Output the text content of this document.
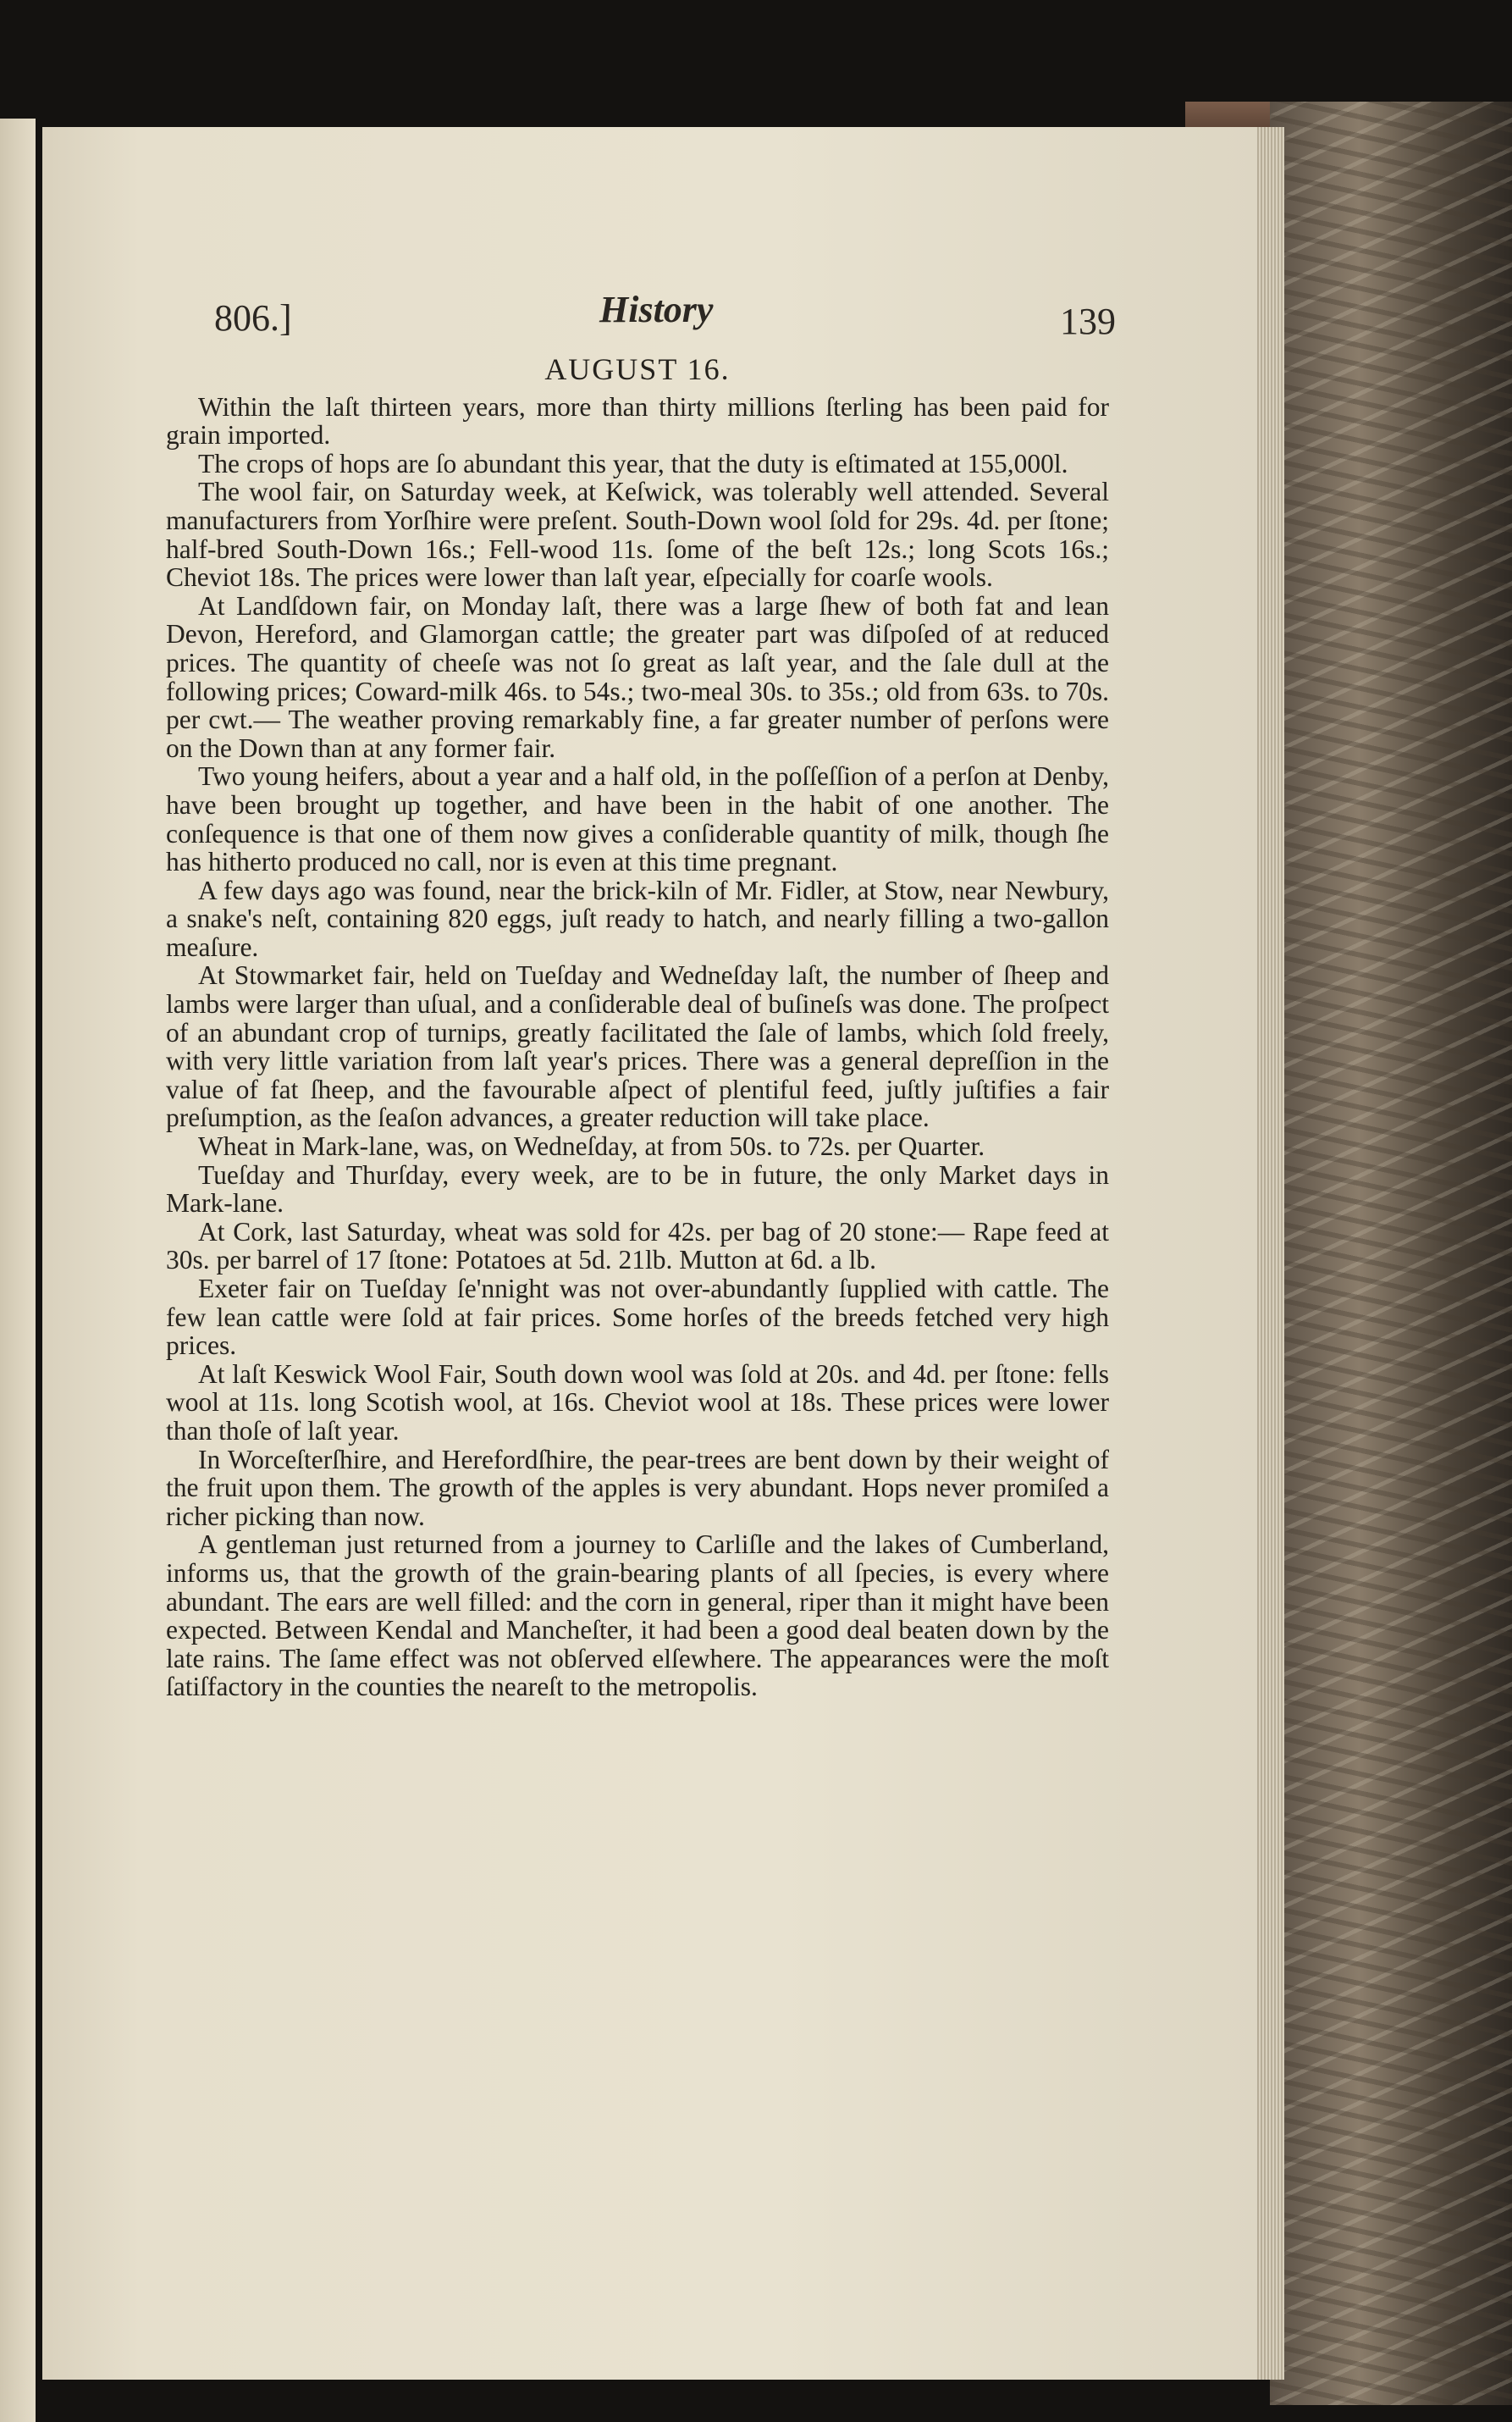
806.]	History	139
AUGUST 16.

Within the laſt thirteen years, more than thirty millions ſterling has been paid for grain imported.

The crops of hops are ſo abundant this year, that the duty is eſtimated at 155,000l.

The wool fair, on Saturday week, at Keſwick, was tolerably well attended. Several manufacturers from Yorſhire were preſent. South-Down wool ſold for 29s. 4d. per ſtone; half-bred South-Down 16s.; Fell-wood 11s. ſome of the beſt 12s.; long Scots 16s.; Cheviot 18s. The prices were lower than laſt year, eſpecially for coarſe wools.

At Landſdown fair, on Monday laſt, there was a large ſhew of both fat and lean Devon, Hereford, and Glamorgan cattle; the greater part was diſpoſed of at reduced prices. The quantity of cheeſe was not ſo great as laſt year, and the ſale dull at the following prices; Coward-milk 46s. to 54s.; two-meal 30s. to 35s.; old from 63s. to 70s. per cwt.— The weather proving remarkably fine, a far greater number of perſons were on the Down than at any former fair.

Two young heifers, about a year and a half old, in the poſſeſſion of a perſon at Denby, have been brought up together, and have been in the habit of one another. The conſequence is that one of them now gives a conſiderable quantity of milk, though ſhe has hitherto produced no call, nor is even at this time pregnant.

A few days ago was found, near the brick-kiln of Mr. Fidler, at Stow, near Newbury, a snake's neſt, containing 820 eggs, juſt ready to hatch, and nearly filling a two-gallon meaſure.

At Stowmarket fair, held on Tueſday and Wedneſday laſt, the number of ſheep and lambs were larger than uſual, and a conſiderable deal of buſineſs was done. The proſpect of an abundant crop of turnips, greatly facilitated the ſale of lambs, which ſold freely, with very little variation from laſt year's prices. There was a general depreſſion in the value of fat ſheep, and the favourable aſpect of plentiful feed, juſtly juſtifies a fair preſumption, as the ſeaſon advances, a greater reduction will take place.

Wheat in Mark-lane, was, on Wedneſday, at from 50s. to 72s. per Quarter.

Tueſday and Thurſday, every week, are to be in future, the only Market days in Mark-lane.

At Cork, last Saturday, wheat was sold for 42s. per bag of 20 stone:— Rape feed at 30s. per barrel of 17 ſtone: Potatoes at 5d. 21lb. Mutton at 6d. a lb.

Exeter fair on Tueſday ſe'nnight was not over-abundantly ſupplied with cattle. The few lean cattle were ſold at fair prices. Some horſes of the breeds fetched very high prices.

At laſt Keswick Wool Fair, South down wool was ſold at 20s. and 4d. per ſtone: fells wool at 11s. long Scotish wool, at 16s. Cheviot wool at 18s. These prices were lower than thoſe of laſt year.

In Worceſterſhire, and Herefordſhire, the pear-trees are bent down by their weight of the fruit upon them. The growth of the apples is very abundant. Hops never promiſed a richer picking than now.

A gentleman just returned from a journey to Carliſle and the lakes of Cumberland, informs us, that the growth of the grain-bearing plants of all ſpecies, is every where abundant. The ears are well filled: and the corn in general, riper than it might have been expected. Between Kendal and Mancheſter, it had been a good deal beaten down by the late rains. The ſame effect was not obſerved elſewhere. The appearances were the moſt ſatiſfactory in the counties the neareſt to the metropolis.
